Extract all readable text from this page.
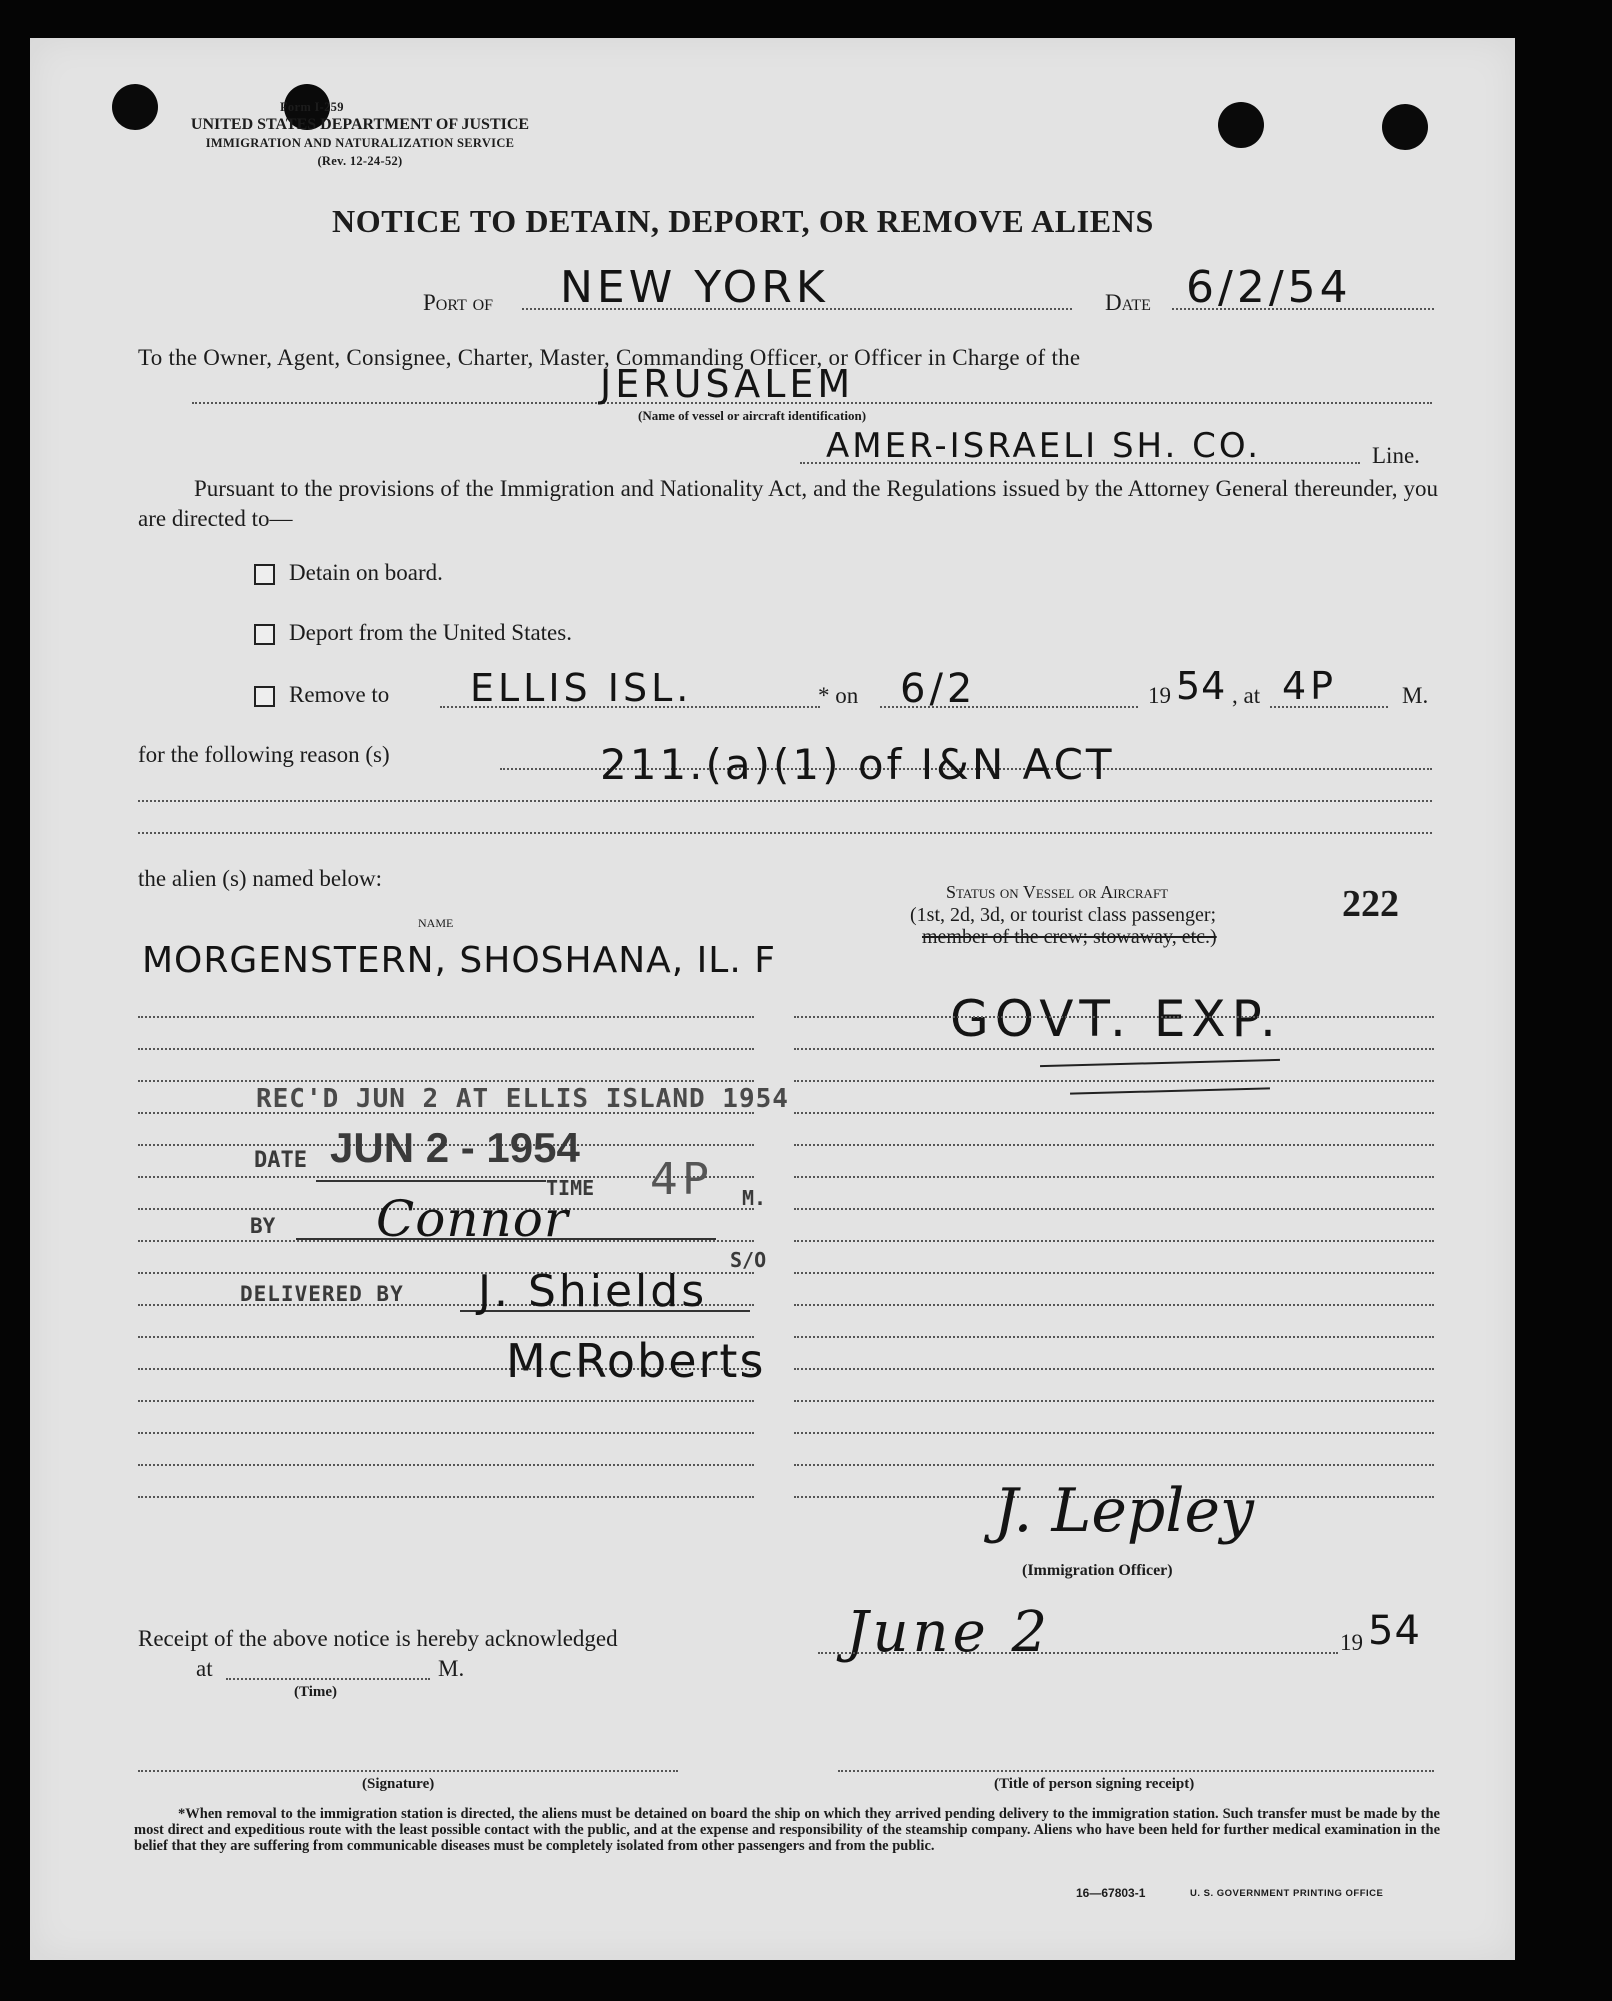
Form I-259
UNITED STATES DEPARTMENT OF JUSTICE
IMMIGRATION AND NATURALIZATION SERVICE
(Rev. 12-24-52)
NOTICE TO DETAIN, DEPORT, OR REMOVE ALIENS
Port of NEW YORK	Date 6/2/54
To the Owner, Agent, Consignee, Charter, Master, Commanding Officer, or Officer in Charge of the
JERUSALEM
(Name of vessel or aircraft identification)
AMER-ISRAELI SH. CO.	Line.
Pursuant to the provisions of the Immigration and Nationality Act, and the Regulations issued by the Attorney General thereunder, you are directed to—
Detain on board.
Deport from the United States.
Remove to ELLIS ISL.	* on 6/2	19 54 , at 4P	M.
for the following reason (s)	211.(a)(1) of I&N ACT
the alien (s) named below:
name
Status on Vessel or Aircraft
(1st, 2d, 3d, or tourist class passenger;
member of the crew; stowaway, etc.)
222
MORGENSTERN, SHOSHANA, IL. F
GOVT. EXP.
REC'D JUN 2 AT ELLIS ISLAND 1954
DATE JUN 2 - 1954
TIME 4P M.
BY Connor
S/O
DELIVERED BY J. Shields
McRoberts
J. Lepley
(Immigration Officer)
Receipt of the above notice is hereby acknowledged	June 2	19 54
at	M.
(Time)
(Signature)	(Title of person signing receipt)
*When removal to the immigration station is directed, the aliens must be detained on board the ship on which they arrived pending delivery to the immigration station. Such transfer must be made by the most direct and expeditious route with the least possible contact with the public, and at the expense and responsibility of the steamship company. Aliens who have been held for further medical examination in the belief that they are suffering from communicable diseases must be completely isolated from other passengers and from the public.
16—67803-1	U. S. GOVERNMENT PRINTING OFFICE
